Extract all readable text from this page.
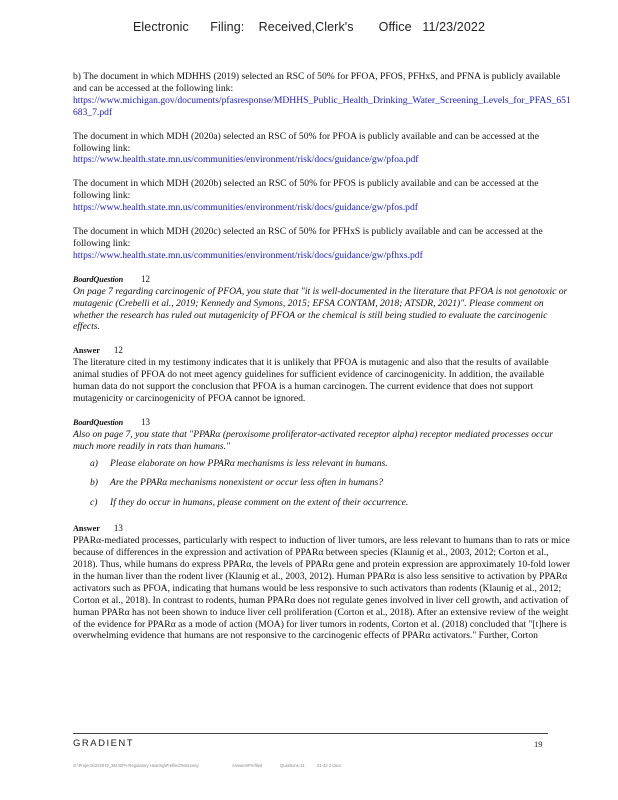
Electronic      Filing:    Received,Clerk's       Office   11/23/2022

b) The document in which MDHHS (2019) selected an RSC of 50% for PFOA, PFOS, PFHxS, and PFNA is publicly available and can be accessed at the following link:
https://www.michigan.gov/documents/pfasresponse/MDHHS_Public_Health_Drinking_Water_Screening_Levels_for_PFAS_651683_7.pdf

The document in which MDH (2020a) selected an RSC of 50% for PFOA is publicly available and can be accessed at the following link:
https://www.health.state.mn.us/communities/environment/risk/docs/guidance/gw/pfoa.pdf

The document in which MDH (2020b) selected an RSC of 50% for PFOS is publicly available and can be accessed at the following link:
https://www.health.state.mn.us/communities/environment/risk/docs/guidance/gw/pfos.pdf

The document in which MDH (2020c) selected an RSC of 50% for PFHxS is publicly available and can be accessed at the following link:
https://www.health.state.mn.us/communities/environment/risk/docs/guidance/gw/pfhxs.pdf

BoardQuestion 12

On page 7 regarding carcinogenic of PFOA, you state that "it is well-documented in the literature that PFOA is not genotoxic or mutagenic (Crebelli et al., 2019; Kennedy and Symons, 2015; EFSA CONTAM, 2018; ATSDR, 2021)". Please comment on whether the research has ruled out mutagenicity of PFOA or the chemical is still being studied to evaluate the carcinogenic effects.

Answer 12

The literature cited in my testimony indicates that it is unlikely that PFOA is mutagenic and also that the results of available animal studies of PFOA do not meet agency guidelines for sufficient evidence of carcinogenicity. In addition, the available human data do not support the conclusion that PFOA is a human carcinogen. The current evidence that does not support mutagenicity or carcinogenicity of PFOA cannot be ignored.

BoardQuestion 13

Also on page 7, you state that "PPARα (peroxisome proliferator-activated receptor alpha) receptor mediated processes occur much more readily in rats than humans."

a)	Please elaborate on how PPARα mechanisms is less relevant in humans.
b)	Are the PPARα mechanisms nonexistent or occur less often in humans?
c)	If they do occur in humans, please comment on the extent of their occurrence.

Answer 13

PPARα-mediated processes, particularly with respect to induction of liver tumors, are less relevant to humans than to rats or mice because of differences in the expression and activation of PPARα between species (Klaunig et al., 2003, 2012; Corton et al., 2018). Thus, while humans do express PPARα, the levels of PPARα gene and protein expression are approximately 10-fold lower in the human liver than the rodent liver (Klaunig et al., 2003, 2012). Human PPARα is also less sensitive to activation by PPARα activators such as PFOA, indicating that humans would be less responsive to such activators than rodents (Klaunig et al., 2012; Corton et al., 2018). In contrast to rodents, human PPARα does not regulate genes involved in liver cell growth, and activation of human PPARα has not been shown to induce liver cell proliferation (Corton et al., 2018). After an extensive review of the weight of the evidence for PPARα as a mode of action (MOA) for liver tumors in rodents, Corton et al. (2018) concluded that "[t]here is overwhelming evidence that humans are not responsive to the carcinogenic effects of PPARα activators." Further, Corton

GRADIENT	19
G:\Projects\222072_3M IEPA Regulatory Hearing\PrefiledTestimony	AnswersPrefiled	Questions-11	21-22 2.docx
